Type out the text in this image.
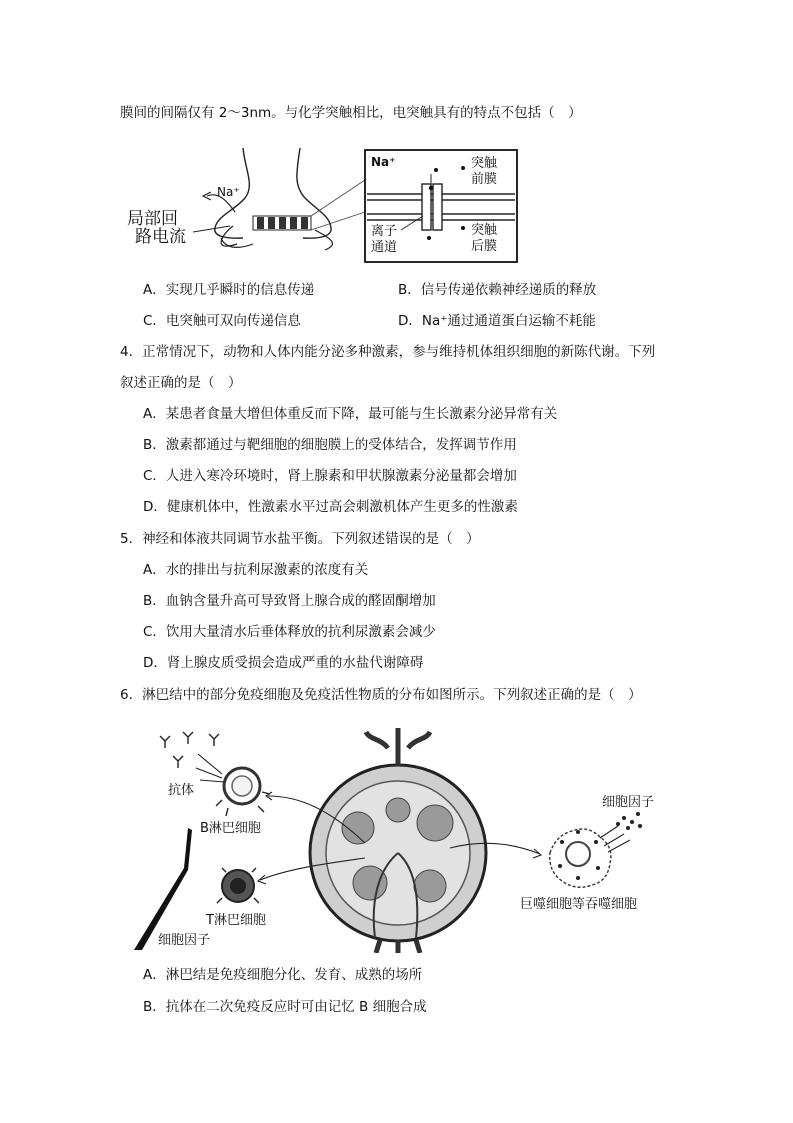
膜间的间隔仅有 2～3nm。与化学突触相比，电突触具有的特点不包括（　）
Na⁺
局部回
路电流
Na⁺	突触
前膜
离子
通道
突触
后膜
A．实现几乎瞬时的信息传递	B．信号传递依赖神经递质的释放
C．电突触可双向传递信息	D．Na⁺通过通道蛋白运输不耗能
4．正常情况下，动物和人体内能分泌多种激素，参与维持机体组织细胞的新陈代谢。下列
叙述正确的是（　）
A．某患者食量大增但体重反而下降，最可能与生长激素分泌异常有关
B．激素都通过与靶细胞的细胞膜上的受体结合，发挥调节作用
C．人进入寒冷环境时，肾上腺素和甲状腺激素分泌量都会增加
D．健康机体中，性激素水平过高会刺激机体产生更多的性激素
5．神经和体液共同调节水盐平衡。下列叙述错误的是（　）
A．水的排出与抗利尿激素的浓度有关
B．血钠含量升高可导致肾上腺合成的醛固酮增加
C．饮用大量清水后垂体释放的抗利尿激素会减少
D．肾上腺皮质受损会造成严重的水盐代谢障碍
6．淋巴结中的部分免疫细胞及免疫活性物质的分布如图所示。下列叙述正确的是（　）
抗体
B淋巴细胞
T淋巴细胞
细胞因子
巨噬细胞等吞噬细胞
细胞因子
A．淋巴结是免疫细胞分化、发育、成熟的场所
B．抗体在二次免疫反应时可由记忆 B 细胞合成
